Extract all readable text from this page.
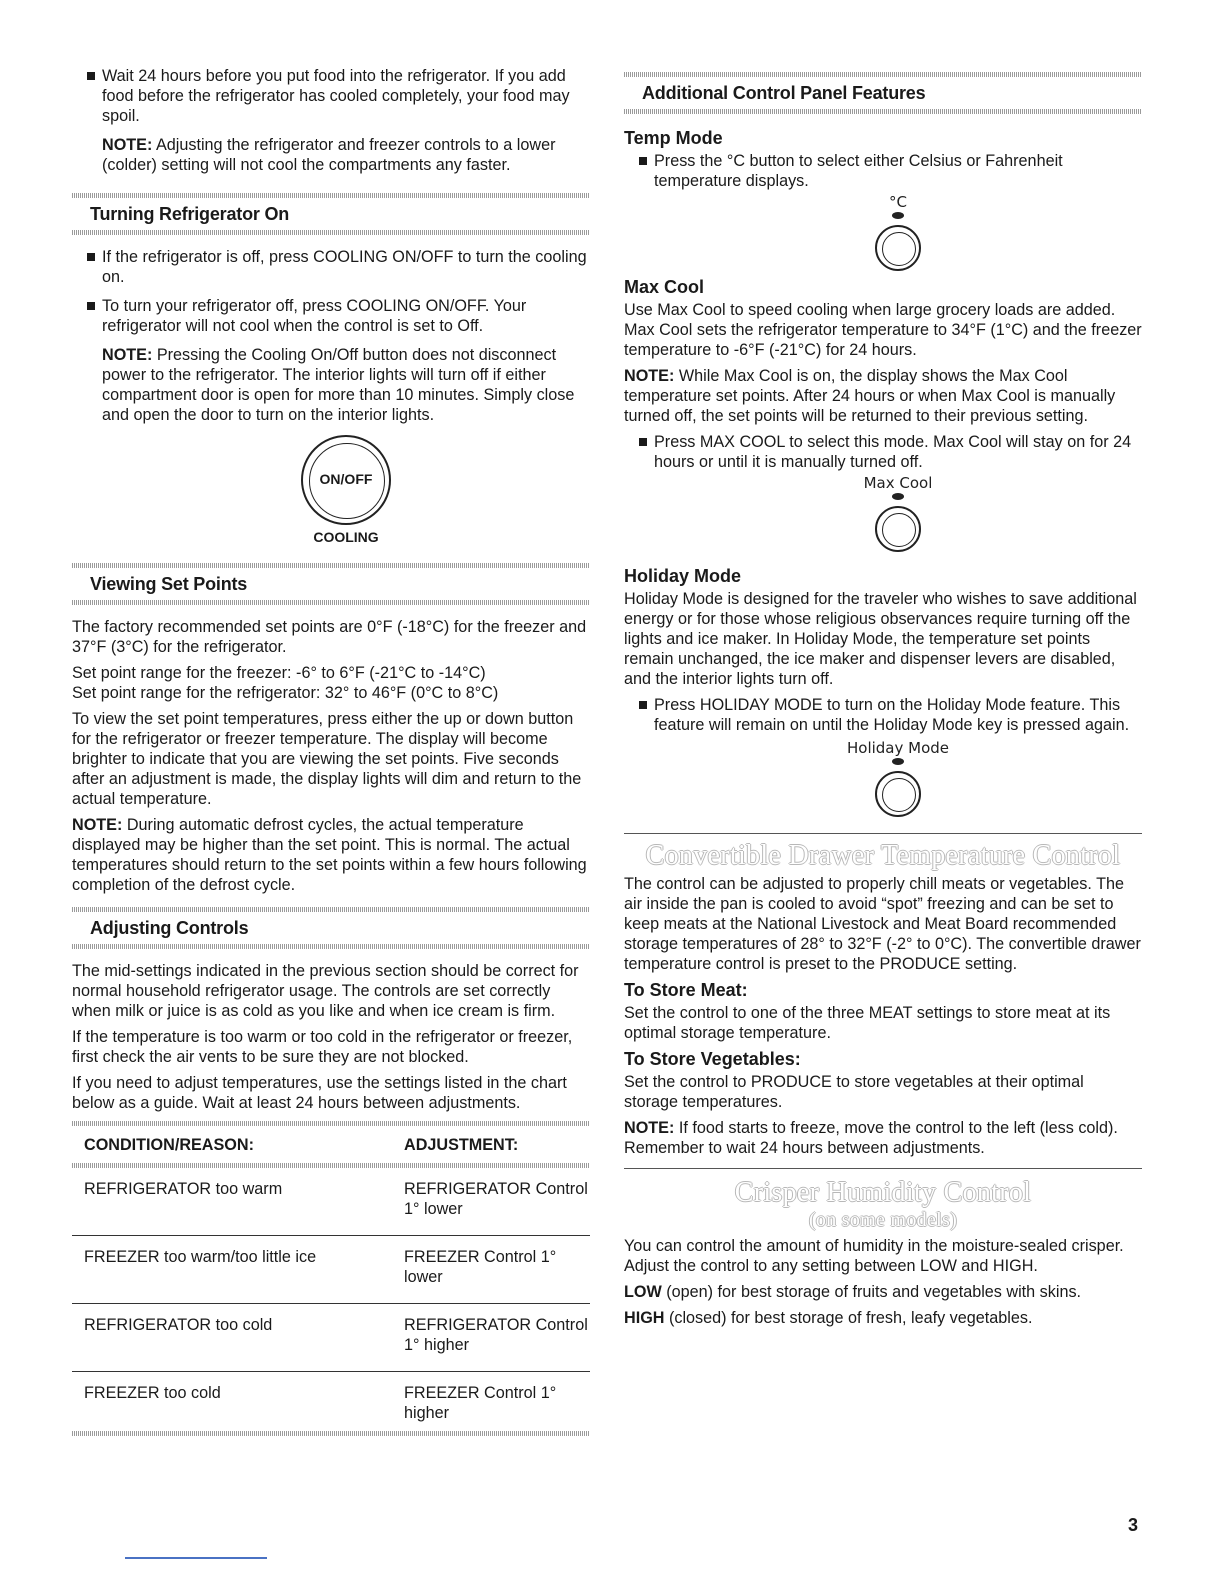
Wait 24 hours before you put food into the refrigerator. If you add food before the refrigerator has cooled completely, your food may spoil.

NOTE: Adjusting the refrigerator and freezer controls to a lower (colder) setting will not cool the compartments any faster.

Turning Refrigerator On
If the refrigerator is off, press COOLING ON/OFF to turn the cooling on.
To turn your refrigerator off, press COOLING ON/OFF. Your refrigerator will not cool when the control is set to Off.

NOTE: Pressing the Cooling On/Off button does not disconnect power to the refrigerator. The interior lights will turn off if either compartment door is open for more than 10 minutes. Simply close and open the door to turn on the interior lights.

ON/OFF
COOLING
Viewing Set Points

The factory recommended set points are 0°F (-18°C) for the freezer and 37°F (3°C) for the refrigerator.

Set point range for the freezer: -6° to 6°F (-21°C to -14°C)

Set point range for the refrigerator: 32° to 46°F (0°C to 8°C)

To view the set point temperatures, press either the up or down button for the refrigerator or freezer temperature. The display will become brighter to indicate that you are viewing the set points. Five seconds after an adjustment is made, the display lights will dim and return to the actual temperature.

NOTE: During automatic defrost cycles, the actual temperature displayed may be higher than the set point. This is normal. The actual temperatures should return to the set points within a few hours following completion of the defrost cycle.

Adjusting Controls

The mid-settings indicated in the previous section should be correct for normal household refrigerator usage. The controls are set correctly when milk or juice is as cold as you like and when ice cream is firm.

If the temperature is too warm or too cold in the refrigerator or freezer, first check the air vents to be sure they are not blocked.

If you need to adjust temperatures, use the settings listed in the chart below as a guide. Wait at least 24 hours between adjustments.

CONDITION/REASON:	ADJUSTMENT:

REFRIGERATOR too warm	REFRIGERATOR Control 1° lower
FREEZER too warm/too little ice	FREEZER Control 1° lower
REFRIGERATOR too cold	REFRIGERATOR Control 1° higher
FREEZER too cold	FREEZER Control 1° higher
Additional Control Panel Features
Temp Mode
Press the °C button to select either Celsius or Fahrenheit temperature displays.
°C
Max Cool

Use Max Cool to speed cooling when large grocery loads are added. Max Cool sets the refrigerator temperature to 34°F (1°C) and the freezer temperature to -6°F (-21°C) for 24 hours.

NOTE: While Max Cool is on, the display shows the Max Cool temperature set points. After 24 hours or when Max Cool is manually turned off, the set points will be returned to their previous setting.

Press MAX COOL to select this mode. Max Cool will stay on for 24 hours or until it is manually turned off.
Max Cool
Holiday Mode

Holiday Mode is designed for the traveler who wishes to save additional energy or for those whose religious observances require turning off the lights and ice maker. In Holiday Mode, the temperature set points remain unchanged, the ice maker and dispenser levers are disabled, and the interior lights turn off.

Press HOLIDAY MODE to turn on the Holiday Mode feature. This feature will remain on until the Holiday Mode key is pressed again.
Holiday Mode
Convertible Drawer Temperature Control

The control can be adjusted to properly chill meats or vegetables. The air inside the pan is cooled to avoid “spot” freezing and can be set to keep meats at the National Livestock and Meat Board recommended storage temperatures of 28° to 32°F (-2° to 0°C). The convertible drawer temperature control is preset to the PRODUCE setting.

To Store Meat:

Set the control to one of the three MEAT settings to store meat at its optimal storage temperature.

To Store Vegetables:

Set the control to PRODUCE to store vegetables at their optimal storage temperatures.

NOTE: If food starts to freeze, move the control to the left (less cold). Remember to wait 24 hours between adjustments.

Crisper Humidity Control
(on some models)

You can control the amount of humidity in the moisture-sealed crisper. Adjust the control to any setting between LOW and HIGH.

LOW (open) for best storage of fruits and vegetables with skins.

HIGH (closed) for best storage of fresh, leafy vegetables.

3
